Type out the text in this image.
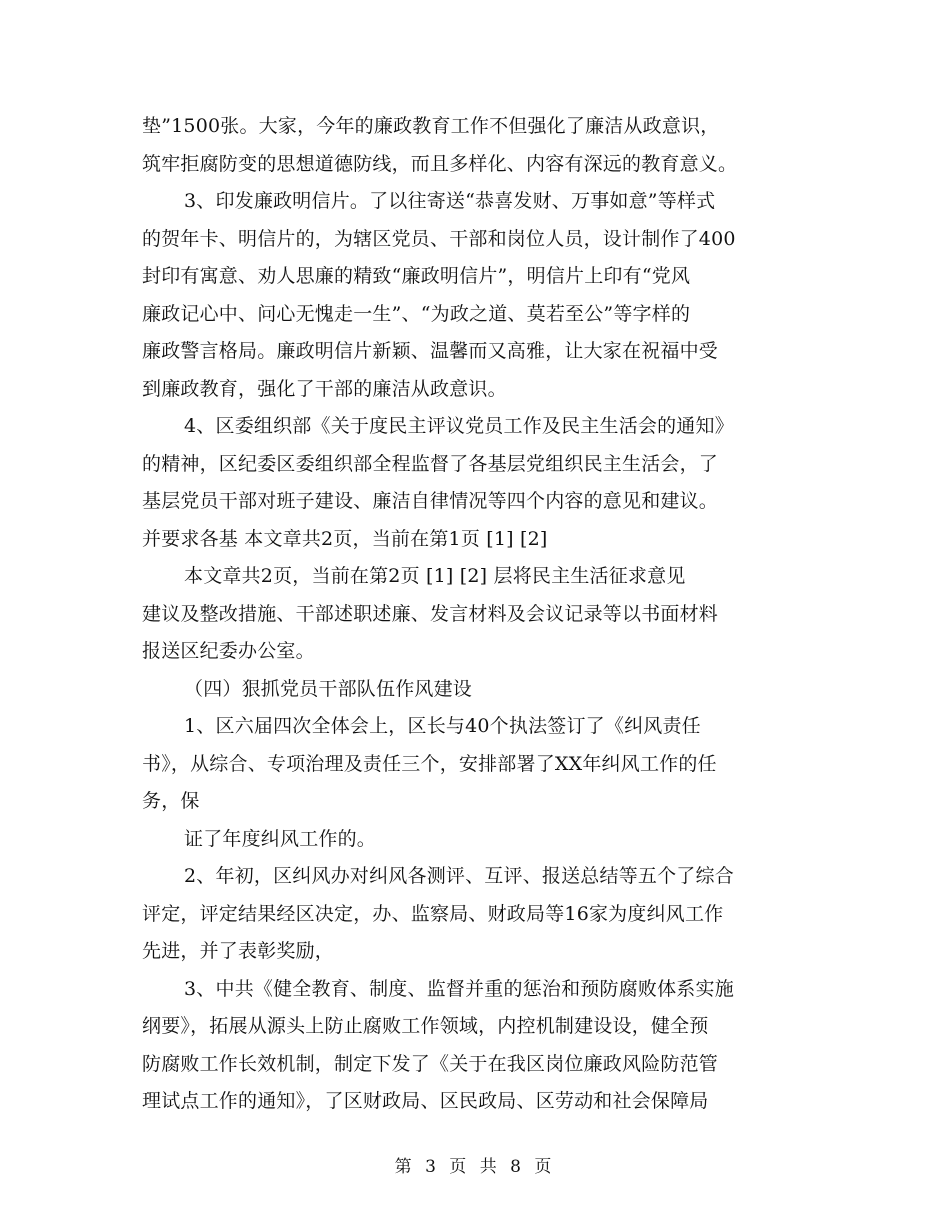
垫”1500张。大家，今年的廉政教育工作不但强化了廉洁从政意识，

筑牢拒腐防变的思想道德防线，而且多样化、内容有深远的教育意义。

3、印发廉政明信片。了以往寄送“恭喜发财、万事如意”等样式

的贺年卡、明信片的，为辖区党员、干部和岗位人员，设计制作了400

封印有寓意、劝人思廉的精致“廉政明信片”，明信片上印有“党风

廉政记心中、问心无愧走一生”、“为政之道、莫若至公”等字样的

廉政警言格局。廉政明信片新颖、温馨而又高雅，让大家在祝福中受

到廉政教育，强化了干部的廉洁从政意识。

4、区委组织部《关于度民主评议党员工作及民主生活会的通知》

的精神，区纪委区委组织部全程监督了各基层党组织民主生活会，了

基层党员干部对班子建设、廉洁自律情况等四个内容的意见和建议。

并要求各基 本文章共2页，当前在第1页 [1] [2]

本文章共2页，当前在第2页 [1] [2] 层将民主生活征求意见

建议及整改措施、干部述职述廉、发言材料及会议记录等以书面材料

报送区纪委办公室。

（四）狠抓党员干部队伍作风建设

1、区六届四次全体会上，区长与40个执法签订了《纠风责任

书》，从综合、专项治理及责任三个，安排部署了XX年纠风工作的任

务，保

证了年度纠风工作的。

2、年初，区纠风办对纠风各测评、互评、报送总结等五个了综合

评定，评定结果经区决定，办、监察局、财政局等16家为度纠风工作

先进，并了表彰奖励，

3、中共《健全教育、制度、监督并重的惩治和预防腐败体系实施

纲要》，拓展从源头上防止腐败工作领域，内控机制建设设，健全预

防腐败工作长效机制，制定下发了《关于在我区岗位廉政风险防范管

理试点工作的通知》，了区财政局、区民政局、区劳动和社会保障局

第 3 页 共 8 页
